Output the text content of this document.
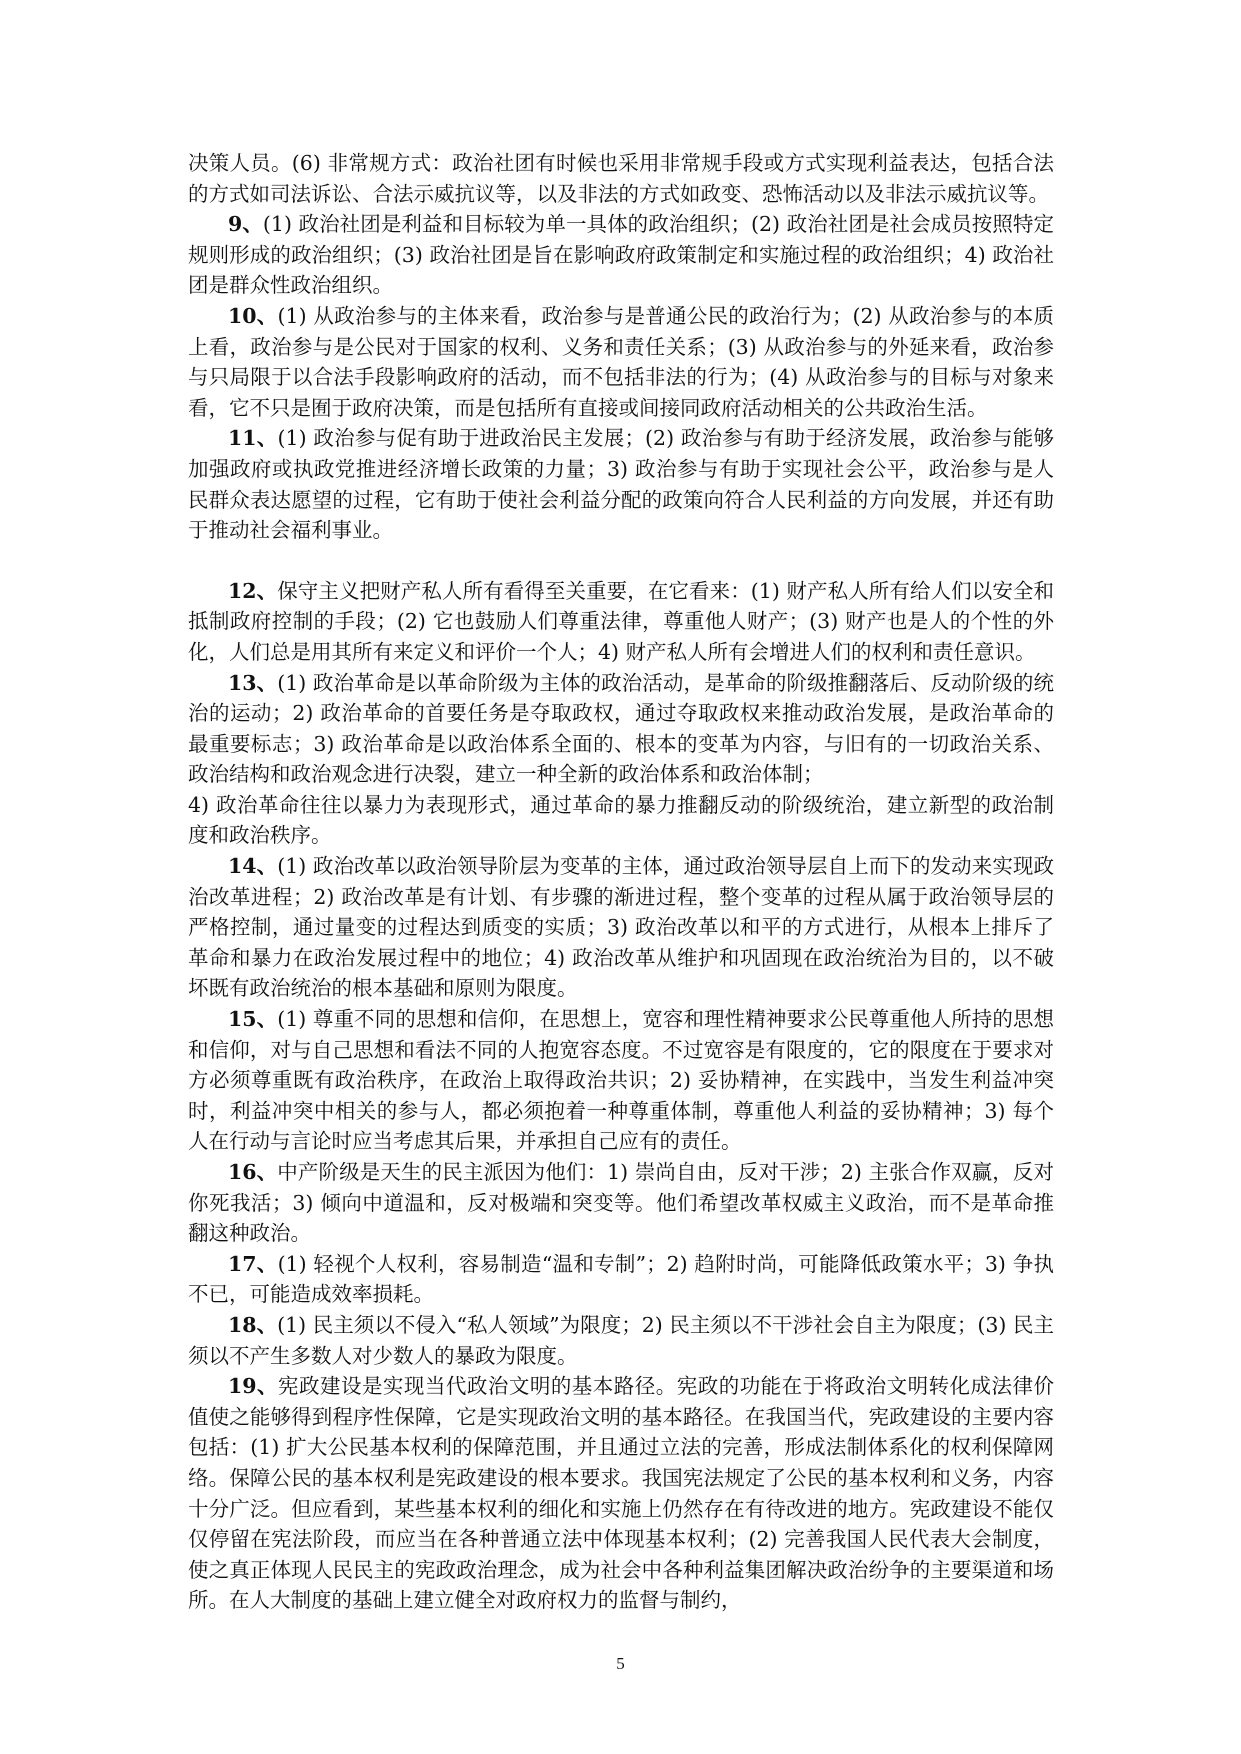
决策人员。(6) 非常规方式：政治社团有时候也采用非常规手段或方式实现利益表达，包括合法的方式如司法诉讼、合法示威抗议等，以及非法的方式如政变、恐怖活动以及非法示威抗议等。

9、(1) 政治社团是利益和目标较为单一具体的政治组织；(2) 政治社团是社会成员按照特定规则形成的政治组织；(3) 政治社团是旨在影响政府政策制定和实施过程的政治组织；4) 政治社团是群众性政治组织。

10、(1) 从政治参与的主体来看，政治参与是普通公民的政治行为；(2) 从政治参与的本质上看，政治参与是公民对于国家的权利、义务和责任关系；(3) 从政治参与的外延来看，政治参与只局限于以合法手段影响政府的活动，而不包括非法的行为；(4) 从政治参与的目标与对象来看，它不只是囿于政府决策，而是包括所有直接或间接同政府活动相关的公共政治生活。

11、(1) 政治参与促有助于进政治民主发展；(2) 政治参与有助于经济发展，政治参与能够加强政府或执政党推进经济增长政策的力量；3) 政治参与有助于实现社会公平，政治参与是人民群众表达愿望的过程，它有助于使社会利益分配的政策向符合人民利益的方向发展，并还有助于推动社会福利事业。

12、保守主义把财产私人所有看得至关重要，在它看来：(1) 财产私人所有给人们以安全和抵制政府控制的手段；(2) 它也鼓励人们尊重法律，尊重他人财产；(3) 财产也是人的个性的外化，人们总是用其所有来定义和评价一个人；4) 财产私人所有会增进人们的权利和责任意识。

13、(1) 政治革命是以革命阶级为主体的政治活动，是革命的阶级推翻落后、反动阶级的统治的运动；2) 政治革命的首要任务是夺取政权，通过夺取政权来推动政治发展，是政治革命的最重要标志；3) 政治革命是以政治体系全面的、根本的变革为内容，与旧有的一切政治关系、政治结构和政治观念进行决裂，建立一种全新的政治体系和政治体制；

4) 政治革命往往以暴力为表现形式，通过革命的暴力推翻反动的阶级统治，建立新型的政治制度和政治秩序。

14、(1) 政治改革以政治领导阶层为变革的主体，通过政治领导层自上而下的发动来实现政治改革进程；2) 政治改革是有计划、有步骤的渐进过程，整个变革的过程从属于政治领导层的严格控制，通过量变的过程达到质变的实质；3) 政治改革以和平的方式进行，从根本上排斥了革命和暴力在政治发展过程中的地位；4) 政治改革从维护和巩固现在政治统治为目的，以不破坏既有政治统治的根本基础和原则为限度。

15、(1) 尊重不同的思想和信仰，在思想上，宽容和理性精神要求公民尊重他人所持的思想和信仰，对与自己思想和看法不同的人抱宽容态度。不过宽容是有限度的，它的限度在于要求对方必须尊重既有政治秩序，在政治上取得政治共识；2) 妥协精神，在实践中，当发生利益冲突时，利益冲突中相关的参与人，都必须抱着一种尊重体制，尊重他人利益的妥协精神；3) 每个人在行动与言论时应当考虑其后果，并承担自己应有的责任。

16、中产阶级是天生的民主派因为他们：1) 崇尚自由，反对干涉；2) 主张合作双赢，反对你死我活；3) 倾向中道温和，反对极端和突变等。他们希望改革权威主义政治，而不是革命推翻这种政治。

17、(1) 轻视个人权利，容易制造“温和专制”；2) 趋附时尚，可能降低政策水平；3) 争执不已，可能造成效率损耗。

18、(1) 民主须以不侵入“私人领域”为限度；2) 民主须以不干涉社会自主为限度；(3) 民主须以不产生多数人对少数人的暴政为限度。

19、宪政建设是实现当代政治文明的基本路径。宪政的功能在于将政治文明转化成法律价值使之能够得到程序性保障，它是实现政治文明的基本路径。在我国当代，宪政建设的主要内容包括：(1) 扩大公民基本权利的保障范围，并且通过立法的完善，形成法制体系化的权利保障网络。保障公民的基本权利是宪政建设的根本要求。我国宪法规定了公民的基本权利和义务，内容十分广泛。但应看到，某些基本权利的细化和实施上仍然存在有待改进的地方。宪政建设不能仅仅停留在宪法阶段，而应当在各种普通立法中体现基本权利；(2) 完善我国人民代表大会制度，使之真正体现人民民主的宪政政治理念，成为社会中各种利益集团解决政治纷争的主要渠道和场所。在人大制度的基础上建立健全对政府权力的监督与制约，

5
